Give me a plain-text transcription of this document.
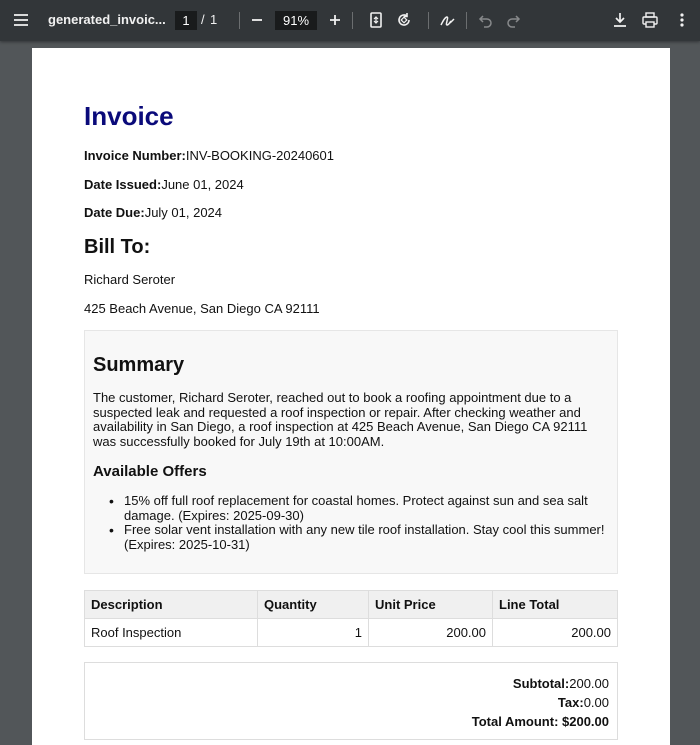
generated_invoic...	1 / 1	91%
Invoice
Invoice Number:INV-BOOKING-20240601
Date Issued:June 01, 2024
Date Due:July 01, 2024
Bill To:
Richard Seroter
425 Beach Avenue, San Diego CA 92111
Summary
The customer, Richard Seroter, reached out to book a roofing appointment due to a suspected leak and requested a roof inspection or repair. After checking weather and availability in San Diego, a roof inspection at 425 Beach Avenue, San Diego CA 92111 was successfully booked for July 19th at 10:00AM.
Available Offers
• 15% off full roof replacement for coastal homes. Protect against sun and sea salt damage. (Expires: 2025-09-30)
• Free solar vent installation with any new tile roof installation. Stay cool this summer! (Expires: 2025-10-31)
Description	Quantity	Unit Price	Line Total
Roof Inspection	1	200.00	200.00
Subtotal:200.00
Tax:0.00
Total Amount: $200.00
